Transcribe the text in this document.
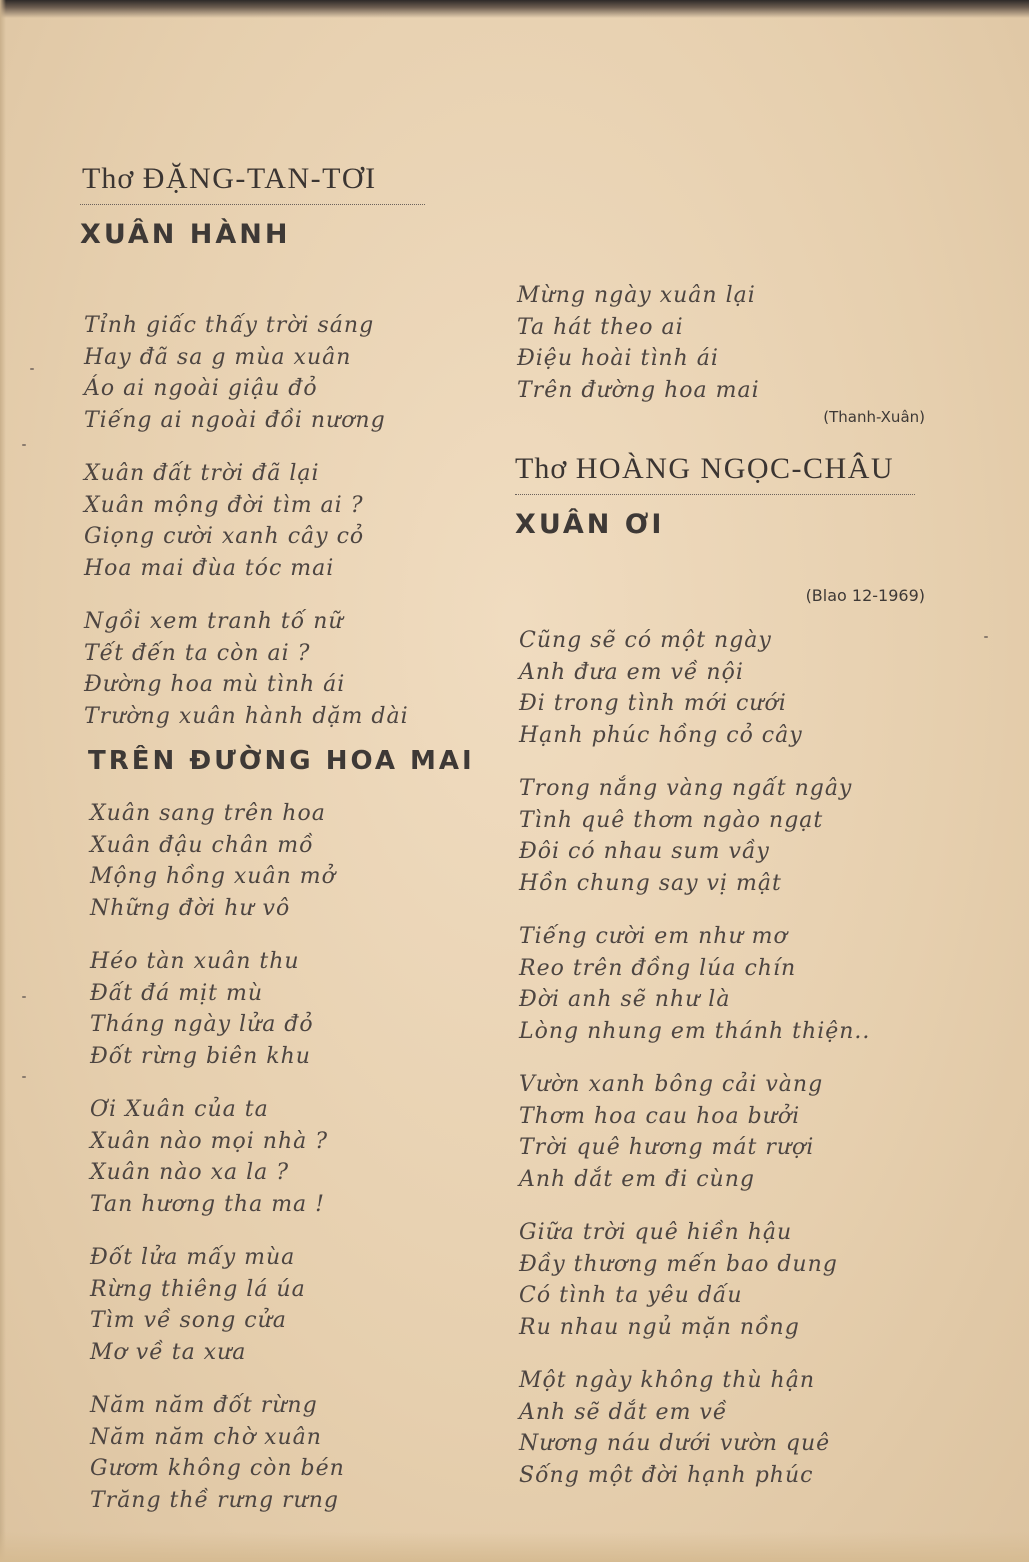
Thơ ĐẶNG-TAN-TƠI
XUÂN HÀNH
Tỉnh giấc thấy trời sáng
Hay đã sa g mùa xuân
Áo ai ngoài giậu đỏ
Tiếng ai ngoài đồi nương
Xuân đất trời đã lại
Xuân mộng đời tìm ai ?
Giọng cười xanh cây cỏ
Hoa mai đùa tóc mai
Ngồi xem tranh tố nữ
Tết đến ta còn ai ?
Đường hoa mù tình ái
Trường xuân hành dặm dài
TRÊN ĐƯỜNG HOA MAI
Xuân sang trên hoa
Xuân đậu chân mồ
Mộng hồng xuân mở
Những đời hư vô
Héo tàn xuân thu
Đất đá mịt mù
Tháng ngày lửa đỏ
Đốt rừng biên khu
Ơi Xuân của ta
Xuân nào mọi nhà ?
Xuân nào xa la ?
Tan hương tha ma !
Đốt lửa mấy mùa
Rừng thiêng lá úa
Tìm về song cửa
Mơ về ta xưa
Năm năm đốt rừng
Năm năm chờ xuân
Gươm không còn bén
Trăng thề rưng rưng
Mừng ngày xuân lại
Ta hát theo ai
Điệu hoài tình ái
Trên đường hoa mai
(Thanh-Xuân)
Thơ HOÀNG NGỌC-CHÂU
XUÂN ƠI
(Blao 12-1969)
Cũng sẽ có một ngày
Anh đưa em về nội
Đi trong tình mới cưới
Hạnh phúc hồng cỏ cây
Trong nắng vàng ngất ngây
Tình quê thơm ngào ngạt
Đôi có nhau sum vầy
Hồn chung say vị mật
Tiếng cười em như mơ
Reo trên đồng lúa chín
Đời anh sẽ như là
Lòng nhung em thánh thiện..
Vườn xanh bông cải vàng
Thơm hoa cau hoa bưởi
Trời quê hương mát rượi
Anh dắt em đi cùng
Giữa trời quê hiền hậu
Đầy thương mến bao dung
Có tình ta yêu dấu
Ru nhau ngủ mặn nồng
Một ngày không thù hận
Anh sẽ dắt em về
Nương náu dưới vườn quê
Sống một đời hạnh phúc
